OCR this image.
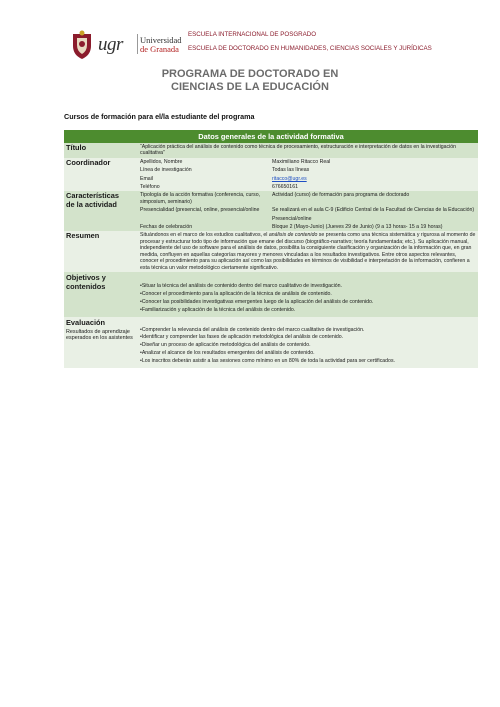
ugr Universidad
de Granada
ESCUELA INTERNACIONAL DE POSGRADO
ESCUELA DE DOCTORADO EN HUMANIDADES, CIENCIAS SOCIALES Y JURÍDICAS
PROGRAMA DE DOCTORADO EN
CIENCIAS DE LA EDUCACIÓN
Cursos de formación para el/la estudiante del programa
Datos generales de la actividad formativa		
Título	“Aplicación práctica del análisis de contenido como técnica de procesamiento, estructuración e interpretación de datos en la investigación cualitativa”	
Coordinador	Apellidos, Nombre	Maximiliano Ritacco Real
	Línea de investigación	Todas las líneas
	Email	ritacco@ugr.es
	Teléfono	676650161
Características
de la actividad	Tipología de la acción formativa (conferencia, curso, simposium, seminario)	Actividad (curso) de formación para programa de doctorado
	Presencialidad (presencial, online, presencial/online	Se realizará en el aula C-9 (Edificio Central de la Facultad de Ciencias de la Educación)
		Presencial/online
	Fechas de celebración	Bloque 2 (Mayo-Junio) (Jueves 29 de Junio) (9 a 13 horas- 15 a 19 horas)
Resumen	Situándonos en el marco de los estudios cualitativos, el análisis de contenido se presenta como una técnica sistemática y rigurosa al momento de procesar y estructurar todo tipo de información que emane del discurso (biográfico-narrativo; teoría fundamentada; etc.). Su aplicación manual, independiente del uso de software para el análisis de datos, posibilita la consiguiente clasificación y organización de la información que, en gran medida, confluyen en aquellas categorías mayores y menores vinculadas a los resultados investigativos. Entre otros aspectos relevantes, conocer el procedimiento para su aplicación así como las posibilidades en términos de visibilidad e interpretación de la información, confieren a esta técnica un valor metodológico ciertamente significativo.	
Objetivos y
contenidos	•Situar la técnica del análisis de contenido dentro del marco cualitativo de investigación.
•Conocer el procedimiento para la aplicación de la técnica de análisis de contenido.
•Conocer las posibilidades investigativas emergentes luego de la aplicación del análisis de contenido.
•Familiarización y aplicación de la técnica del análisis de contenido.	

Evaluación
Resultados de aprendizaje esperados en los asistentes	•Comprender la relevancia del análisis de contenido dentro del marco cualitativo de investigación.
•Identificar y comprender las fases de aplicación metodológica del análisis de contenido.
•Diseñar un proceso de aplicación metodológica del análisis de contenido.
•Analizar el alcance de los resultados emergentes del análisis de contenido.
•Los inscritos deberán asistir a las sesiones como mínimo en un 80% de toda la actividad para ser certificados.	
